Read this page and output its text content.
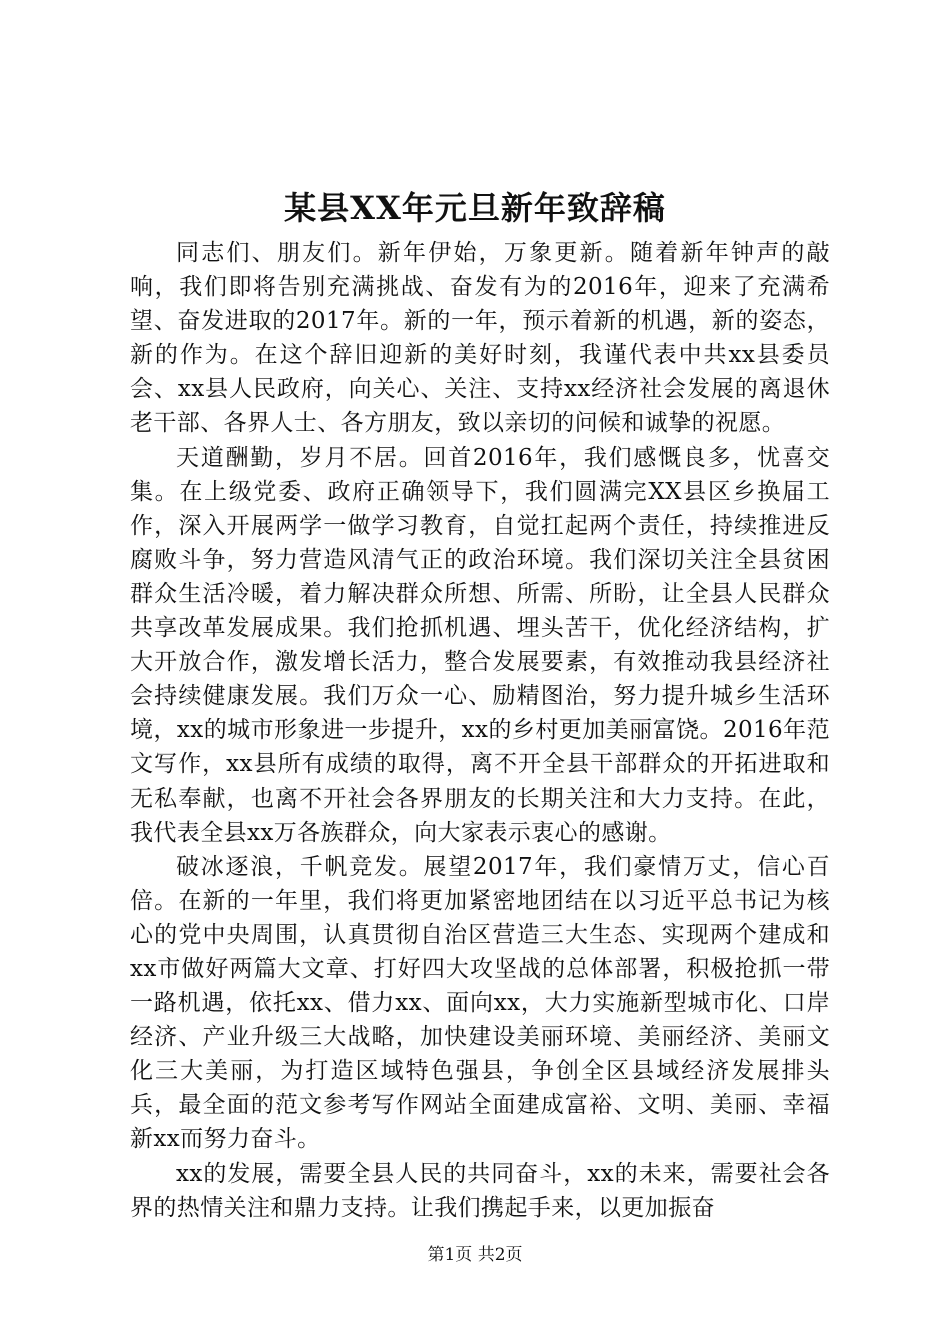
某县XX年元旦新年致辞稿

同志们、朋友们。新年伊始，万象更新。随着新年钟声的敲响，我们即将告别充满挑战、奋发有为的2016年，迎来了充满希望、奋发进取的2017年。新的一年，预示着新的机遇，新的姿态，新的作为。在这个辞旧迎新的美好时刻，我谨代表中共xx县委员会、xx县人民政府，向关心、关注、支持xx经济社会发展的离退休老干部、各界人士、各方朋友，致以亲切的问候和诚挚的祝愿。

天道酬勤，岁月不居。回首2016年，我们感慨良多，忧喜交集。在上级党委、政府正确领导下，我们圆满完XX县区乡换届工作，深入开展两学一做学习教育，自觉扛起两个责任，持续推进反腐败斗争，努力营造风清气正的政治环境。我们深切关注全县贫困群众生活冷暖，着力解决群众所想、所需、所盼，让全县人民群众共享改革发展成果。我们抢抓机遇、埋头苦干，优化经济结构，扩大开放合作，激发增长活力，整合发展要素，有效推动我县经济社会持续健康发展。我们万众一心、励精图治，努力提升城乡生活环境，xx的城市形象进一步提升，xx的乡村更加美丽富饶。2016年范文写作，xx县所有成绩的取得，离不开全县干部群众的开拓进取和无私奉献，也离不开社会各界朋友的长期关注和大力支持。在此，我代表全县xx万各族群众，向大家表示衷心的感谢。

破冰逐浪，千帆竞发。展望2017年，我们豪情万丈，信心百倍。在新的一年里，我们将更加紧密地团结在以习近平总书记为核心的党中央周围，认真贯彻自治区营造三大生态、实现两个建成和xx市做好两篇大文章、打好四大攻坚战的总体部署，积极抢抓一带一路机遇，依托xx、借力xx、面向xx，大力实施新型城市化、口岸经济、产业升级三大战略，加快建设美丽环境、美丽经济、美丽文化三大美丽，为打造区域特色强县，争创全区县域经济发展排头兵，最全面的范文参考写作网站全面建成富裕、文明、美丽、幸福新xx而努力奋斗。

xx的发展，需要全县人民的共同奋斗，xx的未来，需要社会各界的热情关注和鼎力支持。让我们携起手来，以更加振奋

第1页 共2页
